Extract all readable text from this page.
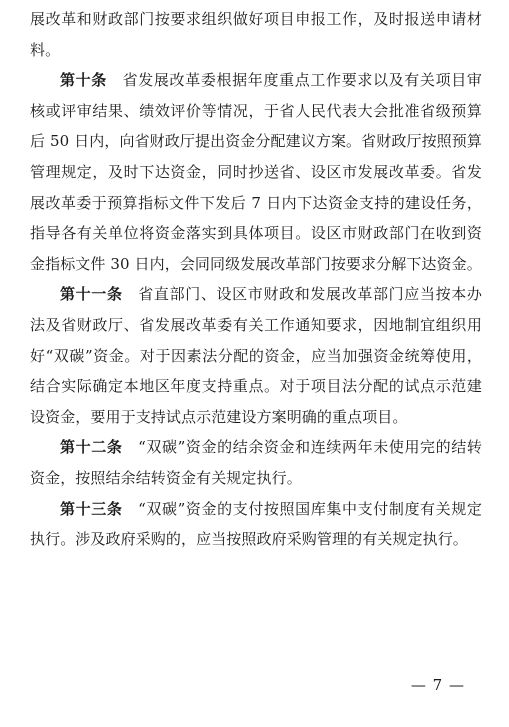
展改革和财政部门按要求组织做好项目申报工作，及时报送申请材料。

第十条　 省发展改革委根据年度重点工作要求以及有关项目审核或评审结果、绩效评价等情况，于省人民代表大会批准省级预算后 50 日内，向省财政厅提出资金分配建议方案。省财政厅按照预算管理规定，及时下达资金，同时抄送省、设区市发展改革委。省发展改革委于预算指标文件下发后 7 日内下达资金支持的建设任务，指导各有关单位将资金落实到具体项目。设区市财政部门在收到资金指标文件 30 日内，会同同级发展改革部门按要求分解下达资金。

第十一条　 省直部门、设区市财政和发展改革部门应当按本办法及省财政厅、省发展改革委有关工作通知要求，因地制宜组织用好“双碳”资金。对于因素法分配的资金，应当加强资金统筹使用，结合实际确定本地区年度支持重点。对于项目法分配的试点示范建设资金，要用于支持试点示范建设方案明确的重点项目。

第十二条　 “双碳”资金的结余资金和连续两年未使用完的结转资金，按照结余结转资金有关规定执行。

第十三条　 “双碳”资金的支付按照国库集中支付制度有关规定执行。涉及政府采购的，应当按照政府采购管理的有关规定执行。

— 7 —
